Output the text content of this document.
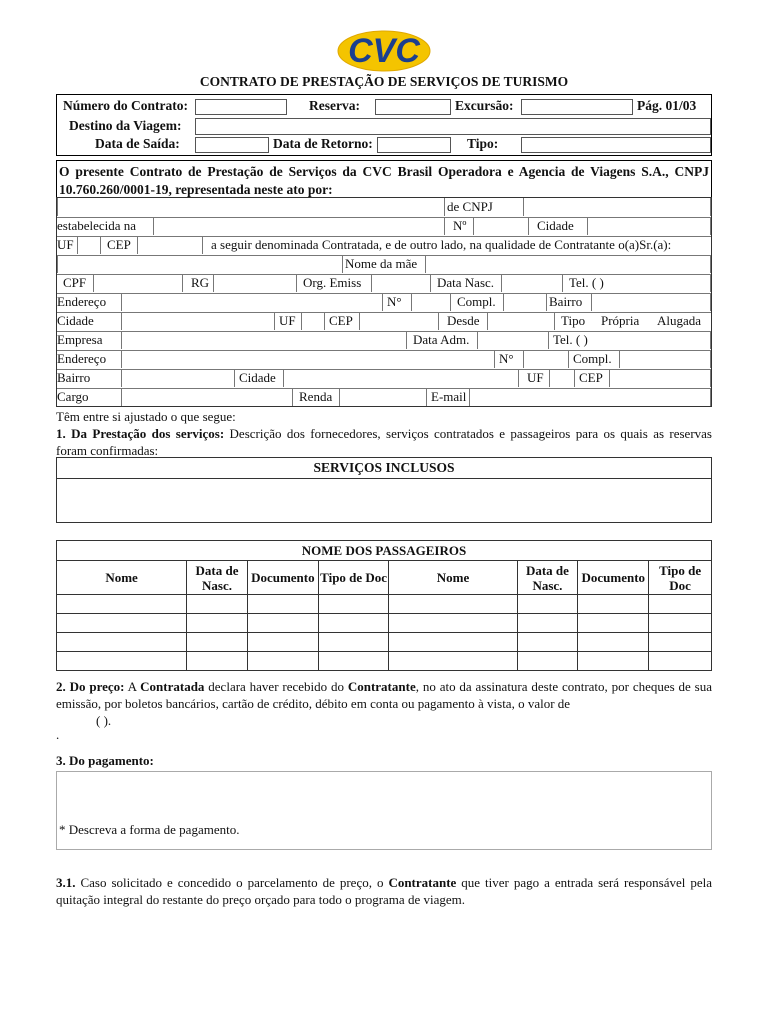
CVC
CONTRATO DE PRESTAÇÃO DE SERVIÇOS DE TURISMO
Número do Contrato:	Reserva:	Excursão:	Pág. 01/03
Destino da Viagem:
Data de Saída:	Data de Retorno:	Tipo:
O presente Contrato de Prestação de Serviços da CVC Brasil Operadora e Agencia de Viagens S.A., CNPJ 10.760.260/0001-19, representada neste ato por:
de CNPJ
estabelecida na	Nº	Cidade
UF	CEP	a seguir denominada Contratada, e de outro lado, na qualidade de Contratante o(a)Sr.(a):
Nome da mãe
CPF	RG	Org. Emiss	Data Nasc.	Tel. ( )
Endereço	N°	Compl.	Bairro
Cidade	UF	CEP	Desde	Tipo Própria Alugada
Empresa	Data Adm.	Tel. ( )
Endereço	N°	Compl.
Bairro	Cidade	UF	CEP
Cargo	Renda	E-mail
Têm entre si ajustado o que segue:
1. Da Prestação dos serviços: Descrição dos fornecedores, serviços contratados e passageiros para os quais as reservas foram confirmadas:
SERVIÇOS INCLUSOS
NOME DOS PASSAGEIROS							
Nome	Data de Nasc.	Documento	Tipo de Doc	Nome	Data de Nasc.	Documento	Tipo de Doc

2. Do preço: A Contratada declara haver recebido do Contratante, no ato da assinatura deste contrato, por cheques de sua emissão, por boletos bancários, cartão de crédito, débito em conta ou pagamento à vista, o valor de
( ).
.
3. Do pagamento:
* Descreva a forma de pagamento.
3.1. Caso solicitado e concedido o parcelamento de preço, o Contratante que tiver pago a entrada será responsável pela quitação integral do restante do preço orçado para todo o programa de viagem.
